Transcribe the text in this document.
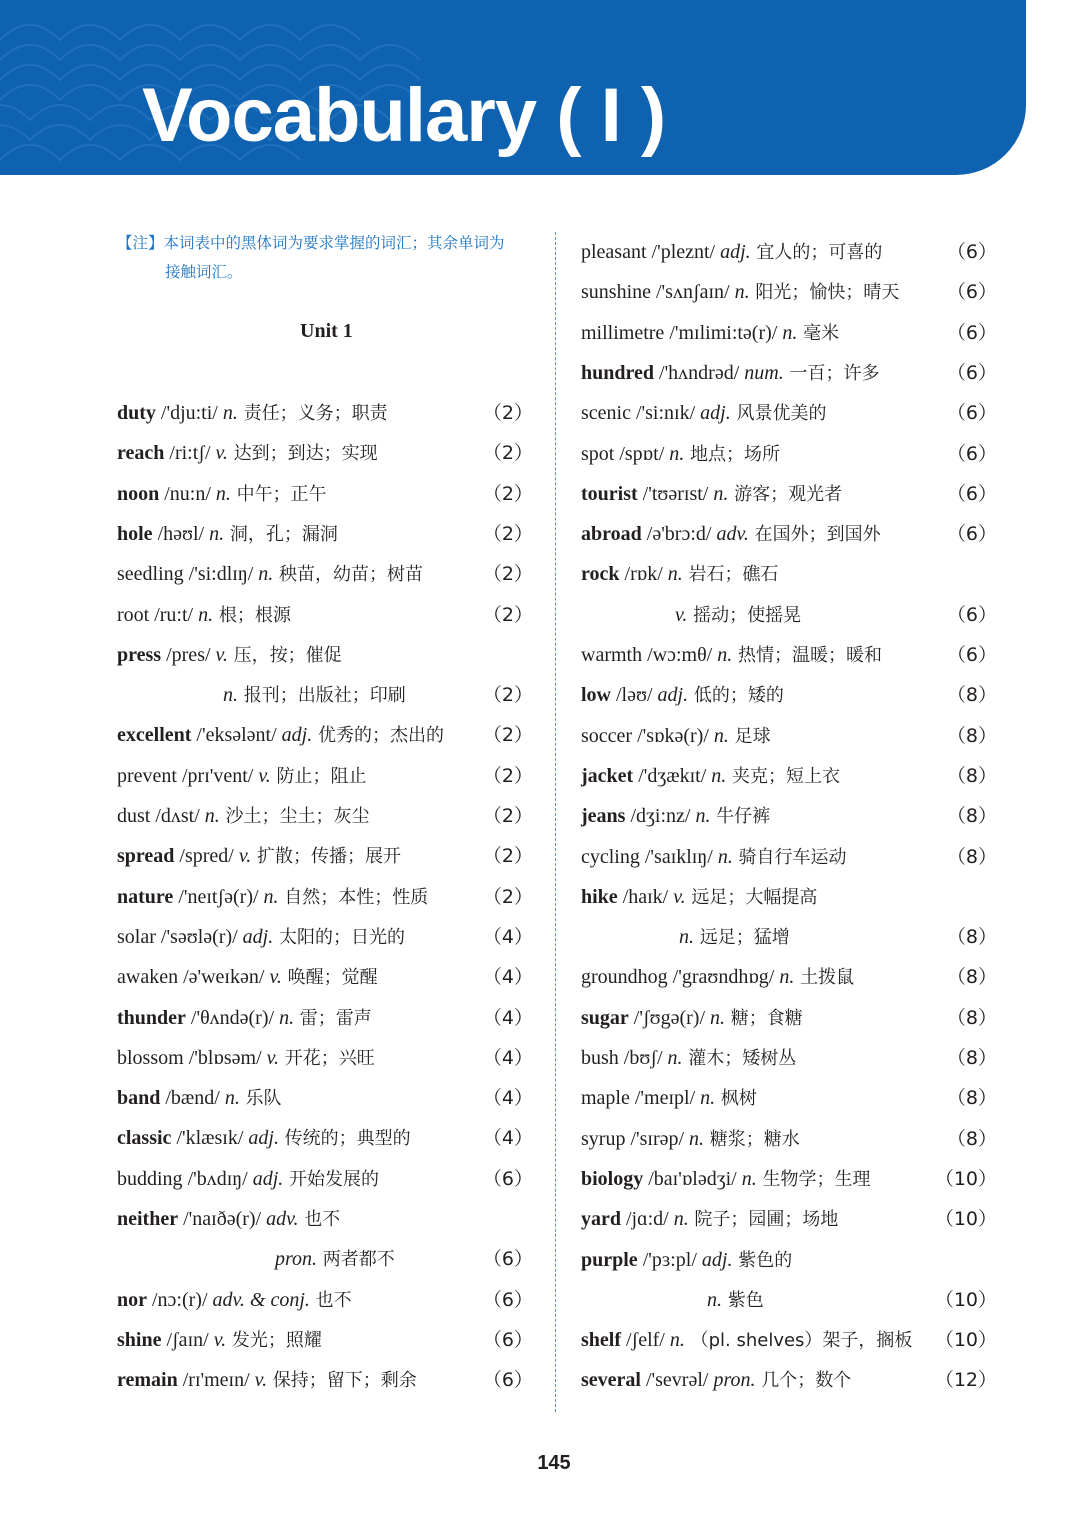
Vocabulary ( I )
【注】本词表中的黑体词为要求掌握的词汇；其余单词为
接触词汇。
Unit 1
145
duty /'dju:ti/ n. 责任；义务；职责	（2）
reach /ri:tʃ/ v. 达到；到达；实现	（2）
noon /nu:n/ n. 中午；正午	（2）
hole /həʊl/ n. 洞，孔；漏洞	（2）
seedling /'si:dlɪŋ/ n. 秧苗，幼苗；树苗	（2）
root /ru:t/ n. 根；根源	（2）
press /pres/ v. 压，按；催促
n. 报刊；出版社；印刷	（2）
excellent /'eksələnt/ adj. 优秀的；杰出的 （2）
prevent /prɪ'vent/ v. 防止；阻止	（2）
dust /dʌst/ n. 沙土；尘土；灰尘	（2）
spread /spred/ v. 扩散；传播；展开	（2）
nature /'neɪtʃə(r)/ n. 自然；本性；性质	（2）
solar /'səʊlə(r)/ adj. 太阳的；日光的	（4）
awaken /ə'weɪkən/ v. 唤醒；觉醒	（4）
thunder /'θʌndə(r)/ n. 雷；雷声	（4）
blossom /'blɒsəm/ v. 开花；兴旺	（4）
band /bænd/ n. 乐队	（4）
classic /'klæsɪk/ adj. 传统的；典型的	（4）
budding /'bʌdɪŋ/ adj. 开始发展的	（6）
neither /'naɪðə(r)/ adv. 也不
pron. 两者都不	（6）
nor /nɔ:(r)/ adv. & conj. 也不	（6）
shine /ʃaɪn/ v. 发光；照耀	（6）
remain /rɪ'meɪn/ v. 保持；留下；剩余	（6）
pleasant /'pleznt/ adj. 宜人的；可喜的	（6）
sunshine /'sʌnʃaɪn/ n. 阳光；愉快；晴天	（6）
millimetre /'mɪlimi:tə(r)/ n. 毫米	（6）
hundred /'hʌndrəd/ num. 一百；许多	（6）
scenic /'si:nɪk/ adj. 风景优美的	（6）
spot /spɒt/ n. 地点；场所	（6）
tourist /'tʊərɪst/ n. 游客；观光者	（6）
abroad /ə'brɔ:d/ adv. 在国外；到国外	（6）
rock /rɒk/ n. 岩石；礁石
v. 摇动；使摇晃	（6）
warmth /wɔ:mθ/ n. 热情；温暖；暖和	（6）
low /ləʊ/ adj. 低的；矮的	（8）
soccer /'sɒkə(r)/ n. 足球	（8）
jacket /'dʒækɪt/ n. 夹克；短上衣	（8）
jeans /dʒi:nz/ n. 牛仔裤	（8）
cycling /'saɪklɪŋ/ n. 骑自行车运动	（8）
hike /haɪk/ v. 远足；大幅提高
n. 远足；猛增	（8）
groundhog /'graʊndhɒg/ n. 土拨鼠	（8）
sugar /'ʃʊgə(r)/ n. 糖；食糖	（8）
bush /bʊʃ/ n. 灌木；矮树丛	（8）
maple /'meɪpl/ n. 枫树	（8）
syrup /'sɪrəp/ n. 糖浆；糖水	（8）
biology /baɪ'ɒlədʒi/ n. 生物学；生理	（10）
yard /jɑ:d/ n. 院子；园圃；场地	（10）
purple /'pɜ:pl/ adj. 紫色的
n. 紫色	（10）
shelf /ʃelf/ n. （pl. shelves）架子，搁板 （10）
several /'sevrəl/ pron. 几个；数个	（12）
